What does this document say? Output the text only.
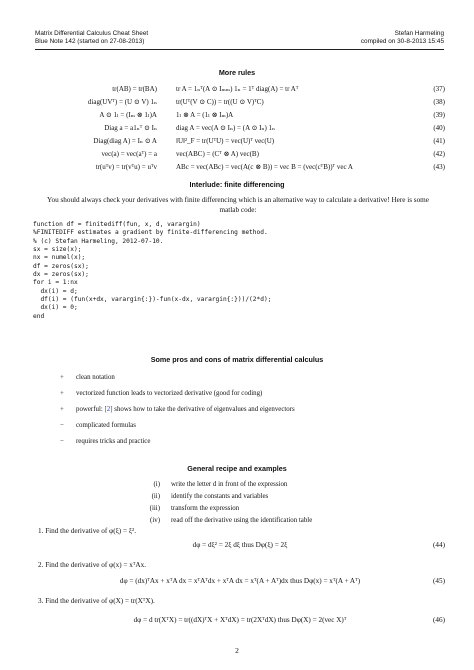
Matrix Differential Calculus Cheat Sheet
Blue Note 142 (started on 27-08-2013)
Stefan Harmeling
compiled on 30-8-2013 15:45
More rules
tr(AB) = tr(BA)	tr A = 1ₙᵀ(A ⊙ Iₘₘ) 1ₙ = 1ᵀ diag(A) = tr Aᵀ	(37)
diag(UVᵀ) = (U ⊙ V) 1ₙ	tr(Uᵀ(V ⊙ C)) = tr((U ⊙ V)ᵀC)	(38)
A ⊙ 1ₗ = (Iₘ ⊗ 1ₗ)A	1ₗ ⊗ A = (1ₗ ⊗ Iₘ)A	(39)
Diag a = a1ₙᵀ ⊙ Iₙ	diag A = vec(A ⊙ Iₙ) = (A ⊙ Iₙ) 1ₙ	(40)
Diag(diag A) = Iₙ ⊙ A	‖U‖²_F = tr(UᵀU) = vec(U)ᵀ vec(U)	(41)
vec(a) = vec(aᵀ) = a	vec(ABC) = (Cᵀ ⊗ A) vec(B)	(42)
tr(uᵀv) = tr(vᵀu) = uᵀv	ABc = vec(ABc) = vec(A(c ⊗ B)) = vec B = (vec(cᵀB))ᵀ vec A	(43)
Interlude: finite differencing
You should always check your derivatives with finite differencing which is an alternative way to calculate a derivative! Here is some matlab code:
function df = finitediff(fun, x, d, varargin)
%FINITEDIFF estimates a gradient by finite-differencing method.
% (c) Stefan Harmeling, 2012-07-10.
sx = size(x);
nx = numel(x);
df = zeros(sx);
dx = zeros(sx);
for i = 1:nx
dx(i) = d;
df(i) = (fun(x+dx, varargin{:})-fun(x-dx, varargin{:}))/(2*d);
dx(i) = 0;
end
Some pros and cons of matrix differential calculus
+ clean notation
+ vectorized function leads to vectorized derivative (good for coding)
+ powerful: [2] shows how to take the derivative of eigenvalues and eigenvectors
− complicated formulas
− requires tricks and practice
General recipe and examples
(i) write the letter d in front of the expression
(ii) identify the constants and variables
(iii) transform the expression
(iv) read off the derivative using the identification table
1. Find the derivative of φ(ξ) = ξ².
dφ = dξ² = 2ξ dξ thus Dφ(ξ) = 2ξ	(44)
2. Find the derivative of φ(x) = xᵀAx.
dφ = (dx)ᵀAx + xᵀA dx = xᵀAᵀdx + xᵀA dx = xᵀ(A + Aᵀ)dx thus Dφ(x) = xᵀ(A + Aᵀ)	(45)
3. Find the derivative of φ(X) = tr(XᵀX).
dφ = d tr(XᵀX) = tr((dX)ᵀX + XᵀdX) = tr(2XᵀdX) thus Dφ(X) = 2(vec X)ᵀ	(46)
2
